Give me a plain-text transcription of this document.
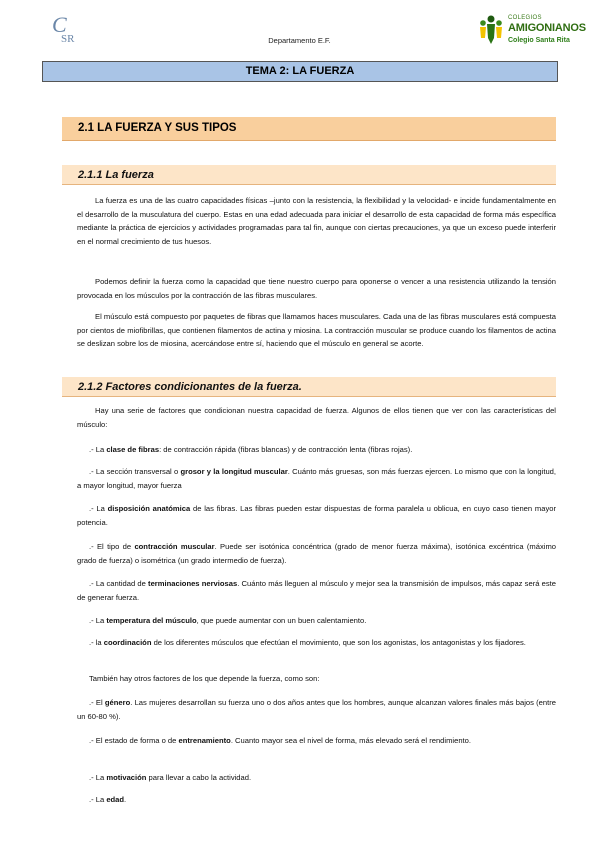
C
SR	Departamento E.F.
COLEGIOS
AMIGONIANOS
Colegio Santa Rita
TEMA 2: LA FUERZA
2.1 LA FUERZA Y SUS TIPOS
2.1.1 La fuerza
La fuerza es una de las cuatro capacidades físicas –junto con la resistencia, la flexibilidad y la velocidad- e incide fundamentalmente en el desarrollo de la musculatura del cuerpo. Estas en una edad adecuada para iniciar el desarrollo de esta capacidad de forma más específica mediante la práctica de ejercicios y actividades programadas para tal fin, aunque con ciertas precauciones, ya que un exceso puede interferir en el normal crecimiento de tus huesos.
Podemos definir la fuerza como la capacidad que tiene nuestro cuerpo para oponerse o vencer a una resistencia utilizando la tensión provocada en los músculos por la contracción de las fibras musculares.
El músculo está compuesto por paquetes de fibras que llamamos haces musculares. Cada una de las fibras musculares está compuesta por cientos de miofibrillas, que contienen filamentos de actina y miosina. La contracción muscular se produce cuando los filamentos de actina se deslizan sobre los de miosina, acercándose entre sí, haciendo que el músculo en general se acorte.
2.1.2 Factores condicionantes de la fuerza.
Hay una serie de factores que condicionan nuestra capacidad de fuerza. Algunos de ellos tienen que ver con las características del músculo:
.- La clase de fibras: de contracción rápida (fibras blancas) y de contracción lenta (fibras rojas).
.- La sección transversal o grosor y la longitud muscular. Cuánto más gruesas, son más fuerzas ejercen. Lo mismo que con la longitud, a mayor longitud, mayor fuerza
.- La disposición anatómica de las fibras. Las fibras pueden estar dispuestas de forma paralela u oblicua, en cuyo caso tienen mayor potencia.
.- El tipo de contracción muscular. Puede ser isotónica concéntrica (grado de menor fuerza máxima), isotónica excéntrica (máximo grado de fuerza) o isométrica (un grado intermedio de fuerza).
.- La cantidad de terminaciones nerviosas. Cuánto más lleguen al músculo y mejor sea la transmisión de impulsos, más capaz será este de generar fuerza.
.- La temperatura del músculo, que puede aumentar con un buen calentamiento.
.- la coordinación de los diferentes músculos que efectúan el movimiento, que son los agonistas, los antagonistas y los fijadores.
También hay otros factores de los que depende la fuerza, como son:
.- El género. Las mujeres desarrollan su fuerza uno o dos años antes que los hombres, aunque alcanzan valores finales más bajos (entre un 60-80 %).
.- El estado de forma o de entrenamiento. Cuanto mayor sea el nivel de forma, más elevado será el rendimiento.
.- La motivación para llevar a cabo la actividad.
.- La edad.
